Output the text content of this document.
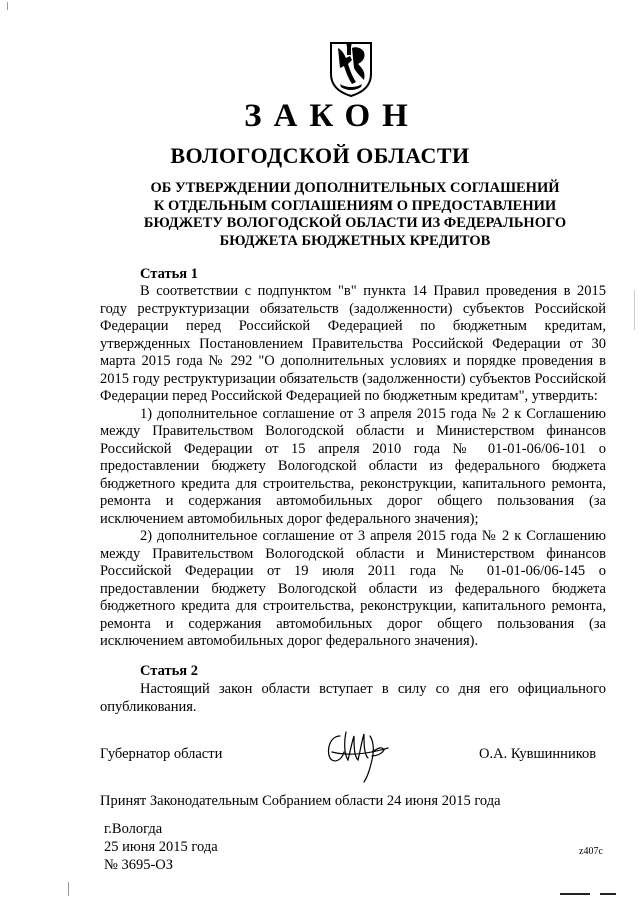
ЗАКОН
ВОЛОГОДСКОЙ ОБЛАСТИ
ОБ УТВЕРЖДЕНИИ ДОПОЛНИТЕЛЬНЫХ СОГЛАШЕНИЙ
К ОТДЕЛЬНЫМ СОГЛАШЕНИЯМ О ПРЕДОСТАВЛЕНИИ
БЮДЖЕТУ ВОЛОГОДСКОЙ ОБЛАСТИ ИЗ ФЕДЕРАЛЬНОГО
БЮДЖЕТА БЮДЖЕТНЫХ КРЕДИТОВ
Статья 1

В соответствии с подпунктом "в" пункта 14 Правил проведения в 2015 году реструктуризации обязательств (задолженности) субъектов Российской Федерации перед Российской Федерацией по бюджетным кредитам, утвержденных Постановлением Правительства Российской Федерации от 30 марта 2015 года № 292 "О дополнительных условиях и порядке проведения в 2015 году реструктуризации обязательств (задолженности) субъектов Российской Федерации перед Российской Федерацией по бюджетным кредитам", утвердить:

1) дополнительное соглашение от 3 апреля 2015 года № 2 к Соглашению между Правительством Вологодской области и Министерством финансов Российской Федерации от 15 апреля 2010 года № 01-01-06/06-101 о предоставлении бюджету Вологодской области из федерального бюджета бюджетного кредита для строительства, реконструкции, капитального ремонта, ремонта и содержания автомобильных дорог общего пользования (за исключением автомобильных дорог федерального значения);

2) дополнительное соглашение от 3 апреля 2015 года № 2 к Соглашению между Правительством Вологодской области и Министерством финансов Российской Федерации от 19 июля 2011 года № 01-01-06/06-145 о предоставлении бюджету Вологодской области из федерального бюджета бюджетного кредита для строительства, реконструкции, капитального ремонта, ремонта и содержания автомобильных дорог общего пользования (за исключением автомобильных дорог федерального значения).

Статья 2

Настоящий закон области вступает в силу со дня его официального опубликования.

Губернатор области	О.А. Кувшинников
Принят Законодательным Собранием области 24 июня 2015 года
г.Вологда
25 июня 2015 года
№ 3695-ОЗ
z407c
